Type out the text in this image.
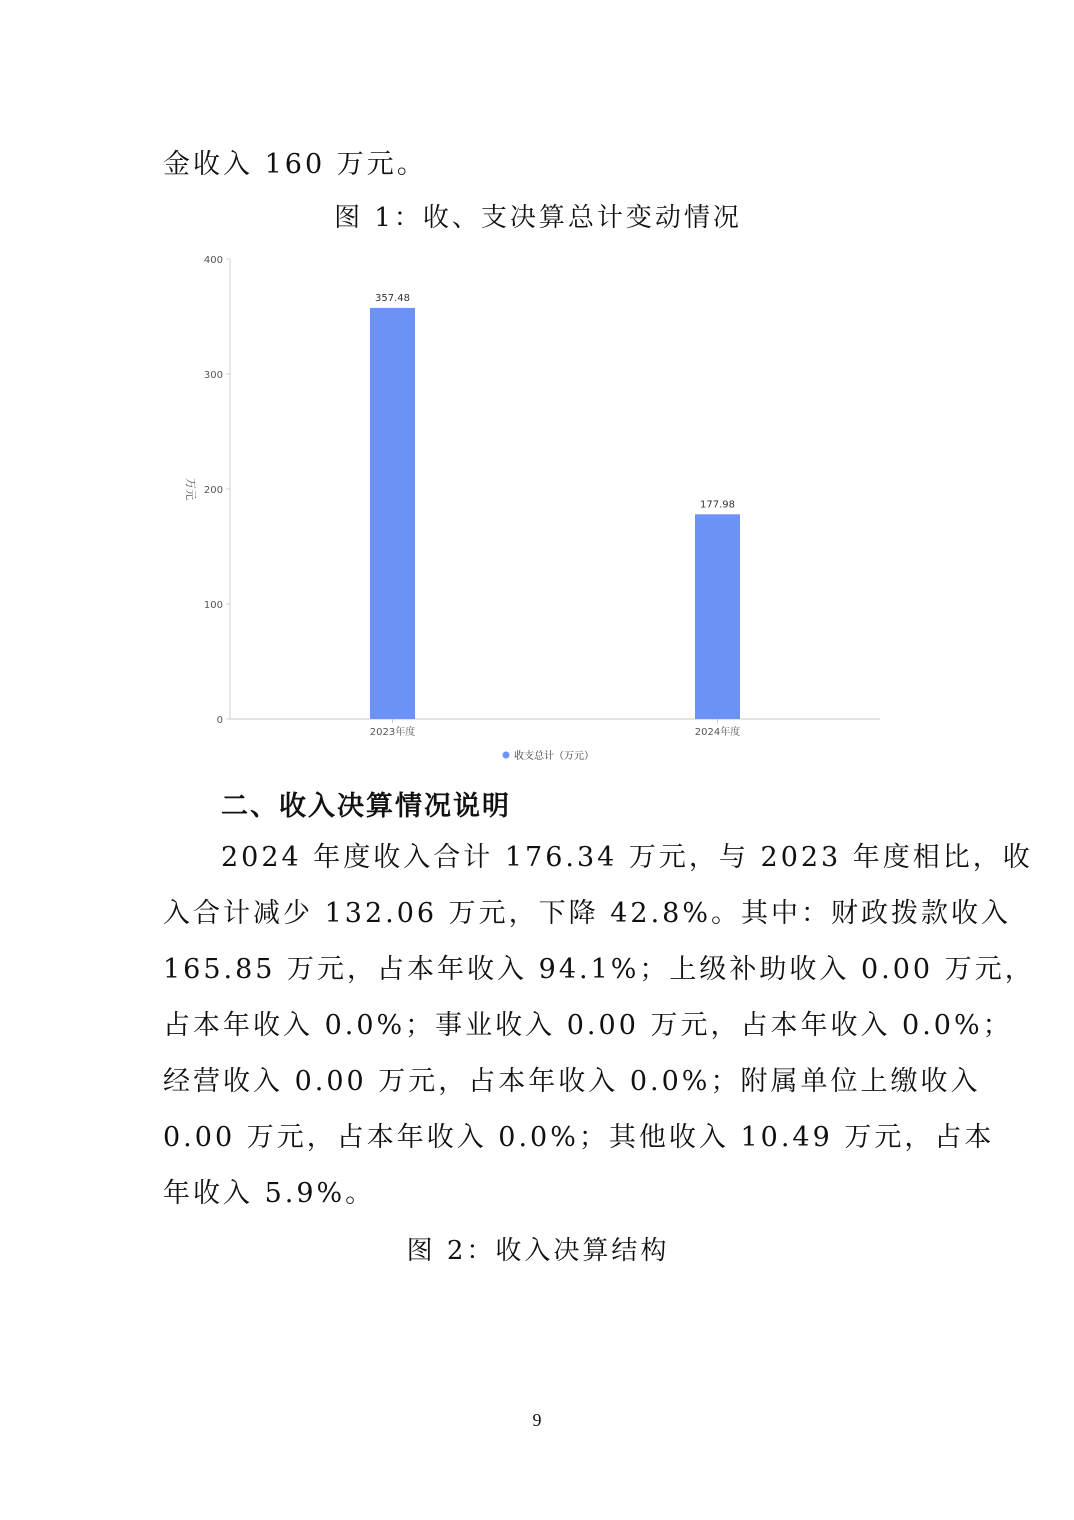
金收入 160 万元。
图 1：收、支决算总计变动情况
0
100
200
300
400
万元
357.48
177.98
2023年度	2024年度
收支总计（万元）
二、收入决算情况说明
2024 年度收入合计 176.34 万元，与 2023 年度相比，收
入合计减少 132.06 万元，下降 42.8%。其中：财政拨款收入
165.85 万元，占本年收入 94.1%；上级补助收入 0.00 万元，
占本年收入 0.0%；事业收入 0.00 万元，占本年收入 0.0%；
经营收入 0.00 万元，占本年收入 0.0%；附属单位上缴收入
0.00 万元，占本年收入 0.0%；其他收入 10.49 万元，占本
年收入 5.9%。
图 2：收入决算结构
9
